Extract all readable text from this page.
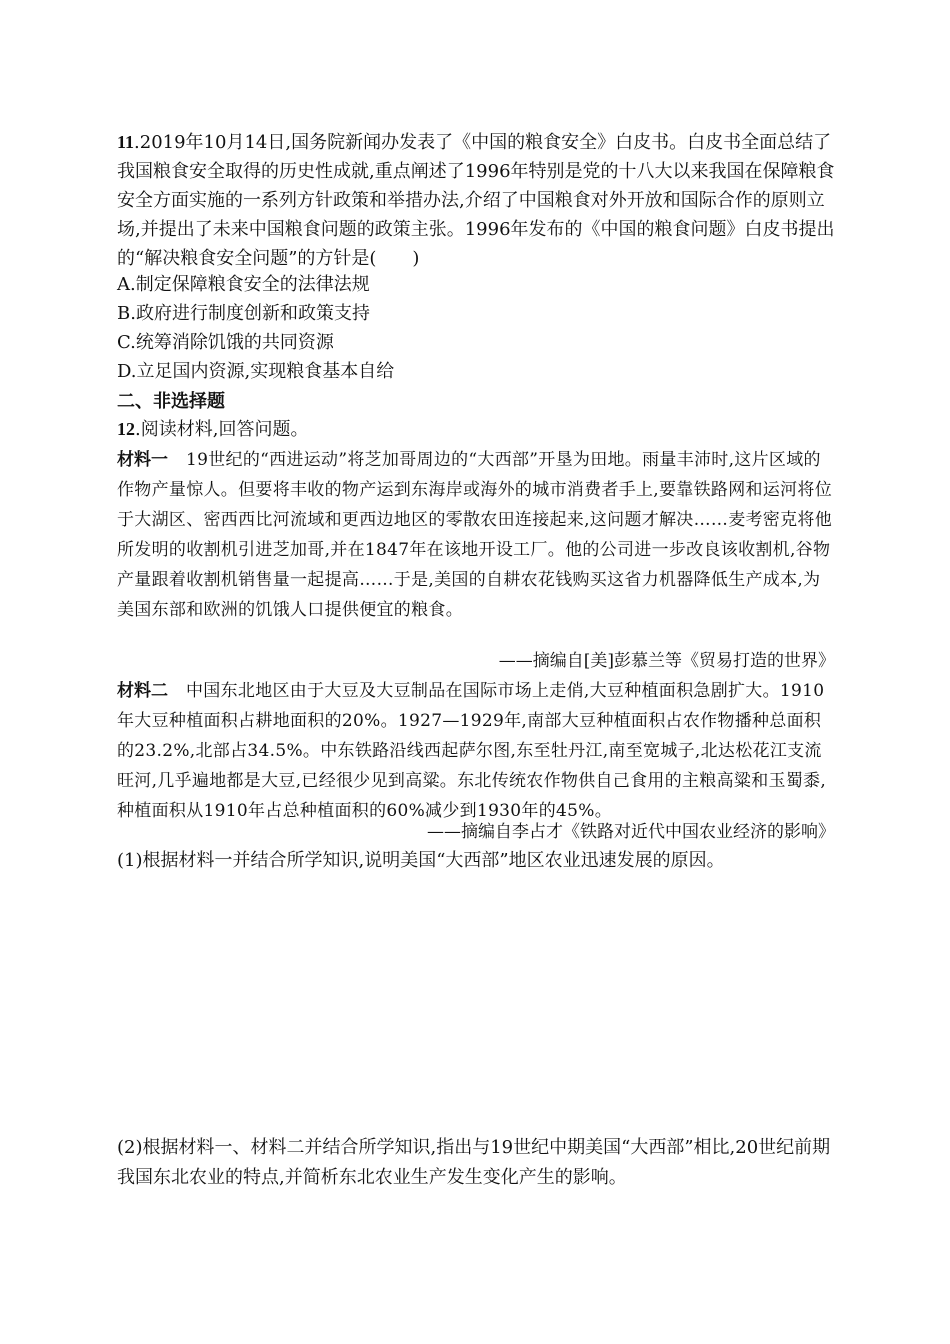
11.2019年10月14日,国务院新闻办发表了《中国的粮食安全》白皮书。白皮书全面总结了我国粮食安全取得的历史性成就,重点阐述了1996年特别是党的十八大以来我国在保障粮食安全方面实施的一系列方针政策和举措办法,介绍了中国粮食对外开放和国际合作的原则立场,并提出了未来中国粮食问题的政策主张。1996年发布的《中国的粮食问题》白皮书提出的“解决粮食安全问题”的方针是(　　)
A.制定保障粮食安全的法律法规
B.政府进行制度创新和政策支持
C.统筹消除饥饿的共同资源
D.立足国内资源,实现粮食基本自给
二、非选择题
12.阅读材料,回答问题。
材料一 19世纪的“西进运动”将芝加哥周边的“大西部”开垦为田地。雨量丰沛时,这片区域的作物产量惊人。但要将丰收的物产运到东海岸或海外的城市消费者手上,要靠铁路网和运河将位于大湖区、密西西比河流域和更西边地区的零散农田连接起来,这问题才解决……麦考密克将他所发明的收割机引进芝加哥,并在1847年在该地开设工厂。他的公司进一步改良该收割机,谷物产量跟着收割机销售量一起提高……于是,美国的自耕农花钱购买这省力机器降低生产成本,为美国东部和欧洲的饥饿人口提供便宜的粮食。
——摘编自[美]彭慕兰等《贸易打造的世界》
材料二 中国东北地区由于大豆及大豆制品在国际市场上走俏,大豆种植面积急剧扩大。1910年大豆种植面积占耕地面积的20%。1927—1929年,南部大豆种植面积占农作物播种总面积的23.2%,北部占34.5%。中东铁路沿线西起萨尔图,东至牡丹江,南至宽城子,北达松花江支流旺河,几乎遍地都是大豆,已经很少见到高粱。东北传统农作物供自己食用的主粮高粱和玉蜀黍,种植面积从1910年占总种植面积的60%减少到1930年的45%。
——摘编自李占才《铁路对近代中国农业经济的影响》
(1)根据材料一并结合所学知识,说明美国“大西部”地区农业迅速发展的原因。
(2)根据材料一、材料二并结合所学知识,指出与19世纪中期美国“大西部”相比,20世纪前期我国东北农业的特点,并简析东北农业生产发生变化产生的影响。
